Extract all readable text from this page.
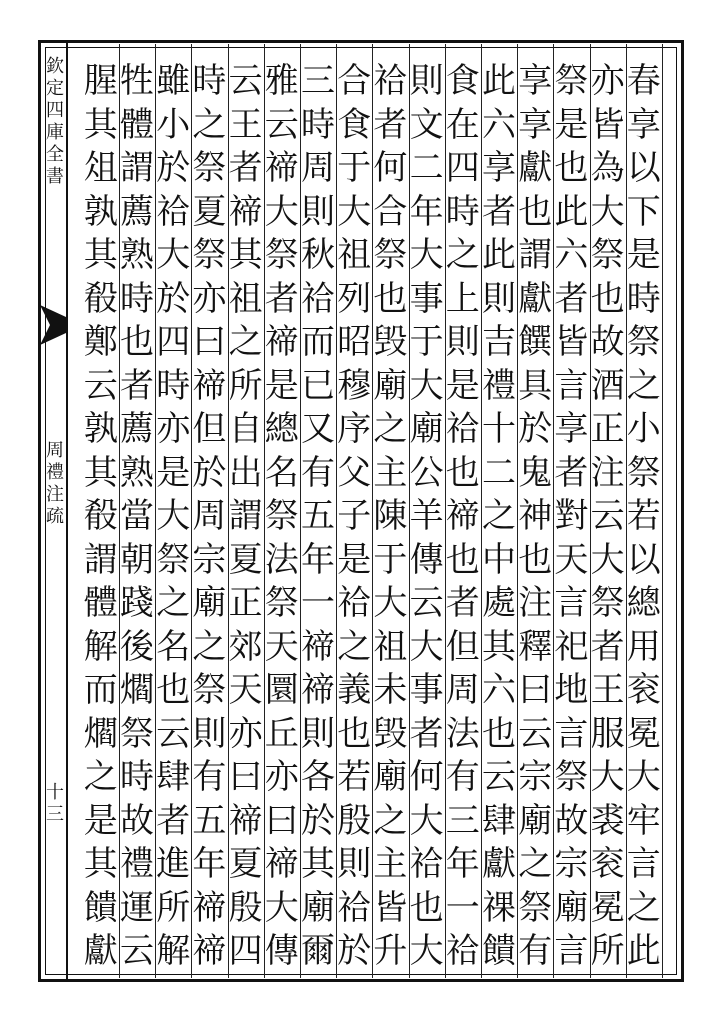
欽
定
四
庫
全
書
周
禮
注
疏
十
三
春
享
以
下
是
時
祭
之
小
祭
若
以
總
用
衮
冕
大
牢
言
之
此
亦
皆
為
大
祭
也
故
酒
正
注
云
大
祭
者
王
服
大
裘
衮
冕
所
祭
是
也
此
六
者
皆
言
享
者
對
天
言
祀
地
言
祭
故
宗
廟
言
享
享
獻
也
謂
獻
饌
具
於
鬼
神
也
注
釋
曰
云
宗
廟
之
祭
有
此
六
享
者
此
則
吉
禮
十
二
之
中
處
其
六
也
云
肆
獻
祼
饋
食
在
四
時
之
上
則
是
祫
也
禘
也
者
但
周
法
有
三
年
一
祫
則
文
二
年
大
事
于
大
廟
公
羊
傳
云
大
事
者
何
大
祫
也
大
祫
者
何
合
祭
也
毁
廟
之
主
陳
于
大
祖
未
毁
廟
之
主
皆
升
合
食
于
大
祖
列
昭
穆
序
父
子
是
祫
之
義
也
若
殷
則
祫
於
三
時
周
則
秋
祫
而
已
又
有
五
年
一
禘
禘
則
各
於
其
廟
爾
雅
云
禘
大
祭
者
禘
是
總
名
祭
法
祭
天
圜
丘
亦
曰
禘
大
傳
云
王
者
禘
其
祖
之
所
自
出
謂
夏
正
郊
天
亦
曰
禘
夏
殷
四
時
之
祭
夏
祭
亦
曰
禘
但
於
周
宗
廟
之
祭
則
有
五
年
禘
禘
雖
小
於
祫
大
於
四
時
亦
是
大
祭
之
名
也
云
肆
者
進
所
解
牲
體
謂
薦
熟
時
也
者
薦
熟
當
朝
踐
後
爓
祭
時
故
禮
運
云
腥
其
俎
孰
其
殽
鄭
云
孰
其
殽
謂
體
解
而
爓
之
是
其
饋
獻
